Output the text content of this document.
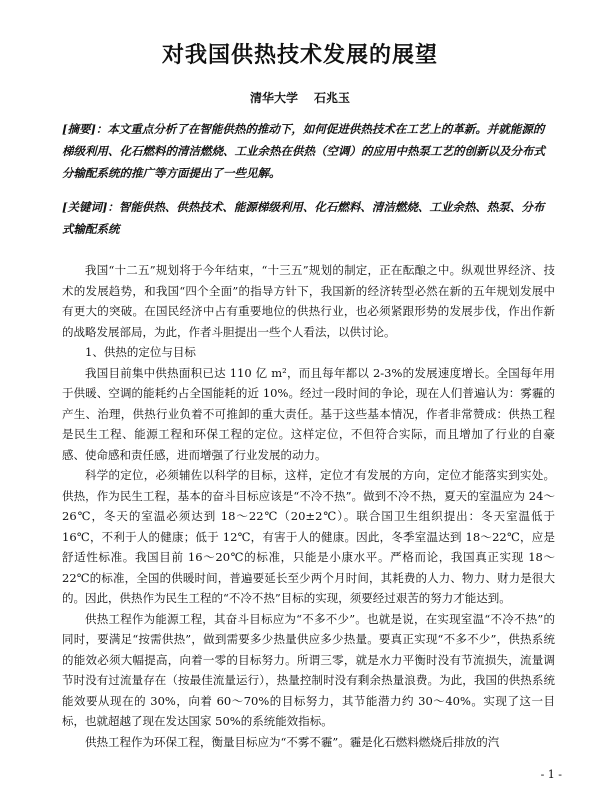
对我国供热技术发展的展望
清华大学 石兆玉
[摘要]：本文重点分析了在智能供热的推动下，如何促进供热技术在工艺上的革新。并就能源的梯级利用、化石燃料的清洁燃烧、工业余热在供热（空调）的应用中热泵工艺的创新以及分布式分输配系统的推广等方面提出了一些见解。
[关键词]：智能供热、供热技术、能源梯级利用、化石燃料、清洁燃烧、工业余热、热泵、分布式输配系统

我国“十二五”规划将于今年结束，“十三五”规划的制定，正在酝酿之中。纵观世界经济、技术的发展趋势，和我国“四个全面”的指导方针下，我国新的经济转型必然在新的五年规划发展中有更大的突破。在国民经济中占有重要地位的供热行业，也必须紧跟形势的发展步伐，作出作新的战略发展部局，为此，作者斗胆提出一些个人看法，以供讨论。

1、供热的定位与目标

我国目前集中供热面积已达 110 亿 m²，而且每年都以 2-3%的发展速度增长。全国每年用于供暖、空调的能耗约占全国能耗的近 10%。经过一段时间的争论，现在人们普遍认为：雾霾的产生、治理，供热行业负着不可推卸的重大责任。基于这些基本情况，作者非常赞成：供热工程是民生工程、能源工程和环保工程的定位。这样定位，不但符合实际，而且增加了行业的自豪感、使命感和责任感，进而增强了行业发展的动力。

科学的定位，必须辅佐以科学的目标，这样，定位才有发展的方向，定位才能落实到实处。供热，作为民生工程，基本的奋斗目标应该是“不冷不热”。做到不冷不热，夏天的室温应为 24～26℃，冬天的室温必须达到 18～22℃（20±2℃）。联合国卫生组织提出：冬天室温低于 16℃，不利于人的健康；低于 12℃，有害于人的健康。因此，冬季室温达到 18～22℃，应是舒适性标准。我国目前 16～20℃的标准，只能是小康水平。严格而论，我国真正实现 18～22℃的标准，全国的供暖时间，普遍要延长至少两个月时间，其耗费的人力、物力、财力是很大的。因此，供热作为民生工程的“不冷不热”目标的实现，须要经过艰苦的努力才能达到。

供热工程作为能源工程，其奋斗目标应为“不多不少”。也就是说，在实现室温“不冷不热”的同时，要满足“按需供热”，做到需要多少热量供应多少热量。要真正实现“不多不少”，供热系统的能效必须大幅提高，向着一零的目标努力。所谓三零，就是水力平衡时没有节流损失，流量调节时没有过流量存在（按最佳流量运行），热量控制时没有剩余热量浪费。为此，我国的供热系统能效要从现在的 30%，向着 60～70%的目标努力，其节能潜力约 30～40%。实现了这一目标，也就超越了现在发达国家 50%的系统能效指标。

供热工程作为环保工程，衡量目标应为“不雾不霾”。霾是化石燃料燃烧后排放的汽

- 1 -
